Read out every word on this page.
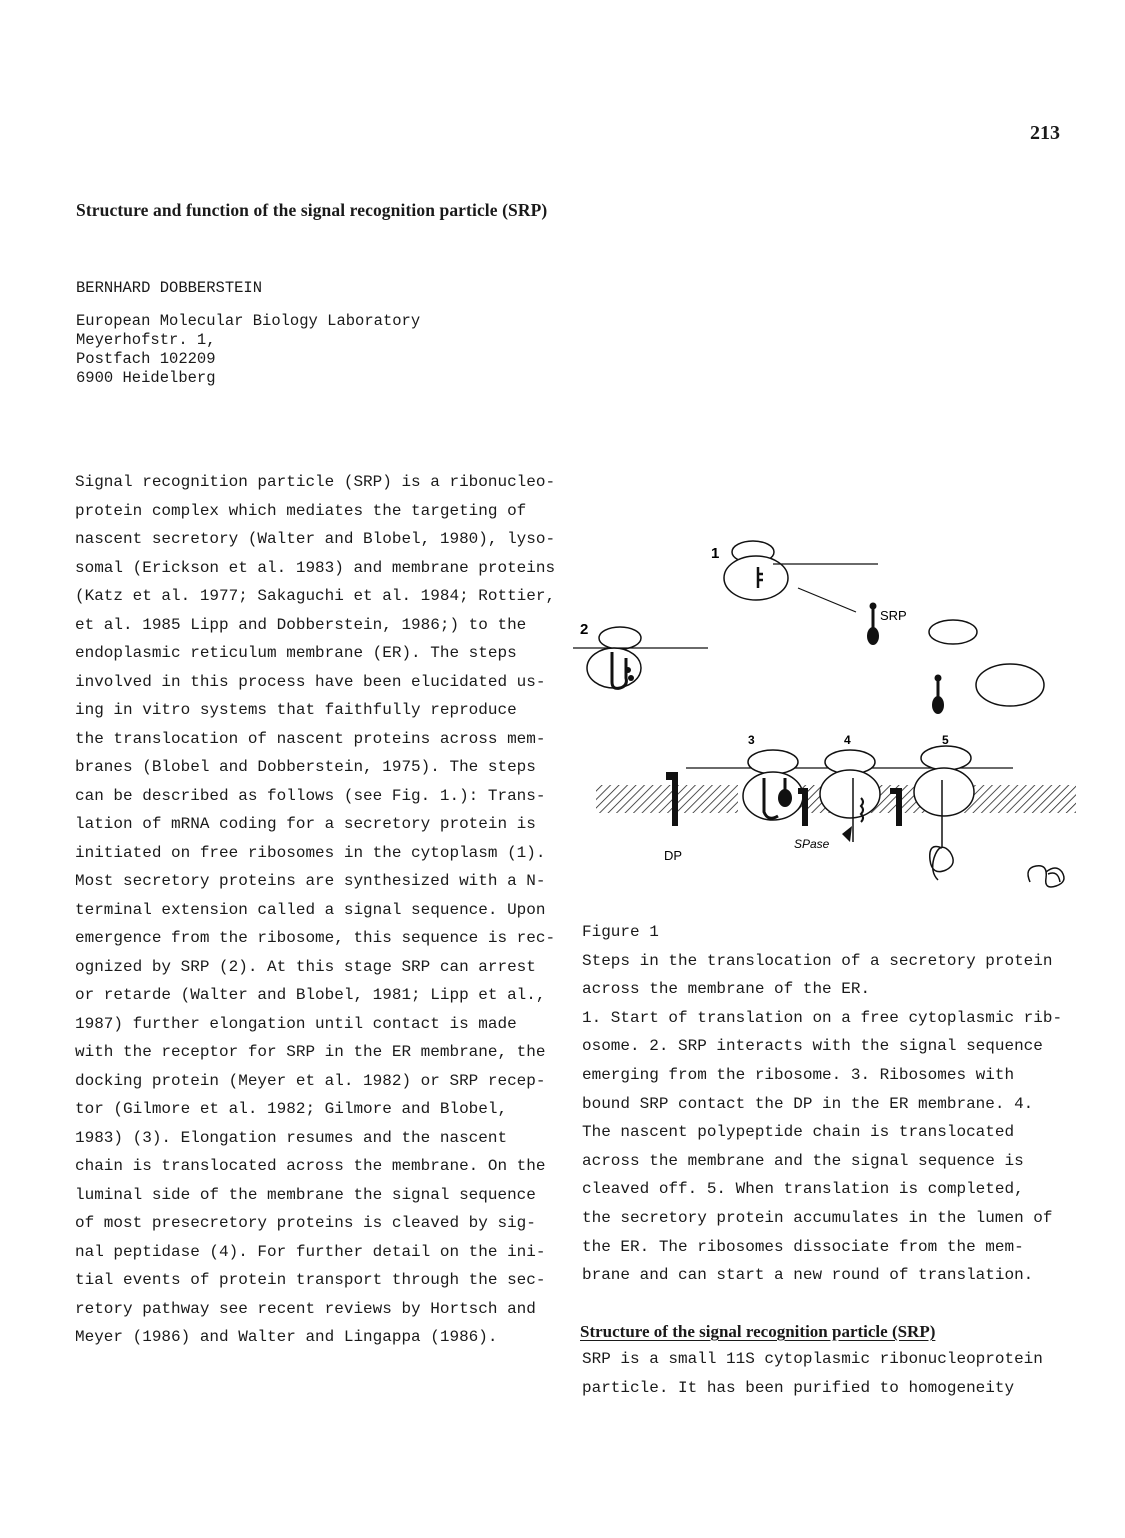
213
Structure and function of the signal recognition particle (SRP)
BERNHARD DOBBERSTEIN
European Molecular Biology Laboratory
Meyerhofstr. 1,
Postfach 102209
6900 Heidelberg
Signal recognition particle (SRP) is a ribonucleo-
protein complex which mediates the targeting of
nascent secretory (Walter and Blobel, 1980), lyso-
somal (Erickson et al. 1983) and membrane proteins
(Katz et al. 1977; Sakaguchi et al. 1984; Rottier,
et al. 1985 Lipp and Dobberstein, 1986;) to the
endoplasmic reticulum membrane (ER). The steps
involved in this process have been elucidated us-
ing in vitro systems that faithfully reproduce
the translocation of nascent proteins across mem-
branes (Blobel and Dobberstein, 1975). The steps
can be described as follows (see Fig. 1.): Trans-
lation of mRNA coding for a secretory protein is
initiated on free ribosomes in the cytoplasm (1).
Most secretory proteins are synthesized with a N-
terminal extension called a signal sequence. Upon
emergence from the ribosome, this sequence is rec-
ognized by SRP (2). At this stage SRP can arrest
or retarde (Walter and Blobel, 1981; Lipp et al.,
1987) further elongation until contact is made
with the receptor for SRP in the ER membrane, the
docking protein (Meyer et al. 1982) or SRP recep-
tor (Gilmore et al. 1982; Gilmore and Blobel,
1983) (3). Elongation resumes and the nascent
chain is translocated across the membrane. On the
luminal side of the membrane the signal sequence
of most presecretory proteins is cleaved by sig-
nal peptidase (4). For further detail on the ini-
tial events of protein transport through the sec-
retory pathway see recent reviews by Hortsch and
Meyer (1986) and Walter and Lingappa (1986).
1
SRP
2
DP
3	4
SPase
5
Figure 1
Steps in the translocation of a secretory protein
across the membrane of the ER.
1. Start of translation on a free cytoplasmic rib-
osome. 2. SRP interacts with the signal sequence
emerging from the ribosome. 3. Ribosomes with
bound SRP contact the DP in the ER membrane. 4.
The nascent polypeptide chain is translocated
across the membrane and the signal sequence is
cleaved off. 5. When translation is completed,
the secretory protein accumulates in the lumen of
the ER. The ribosomes dissociate from the mem-
brane and can start a new round of translation.
Structure of the signal recognition particle (SRP)
SRP is a small 11S cytoplasmic ribonucleoprotein
particle. It has been purified to homogeneity
